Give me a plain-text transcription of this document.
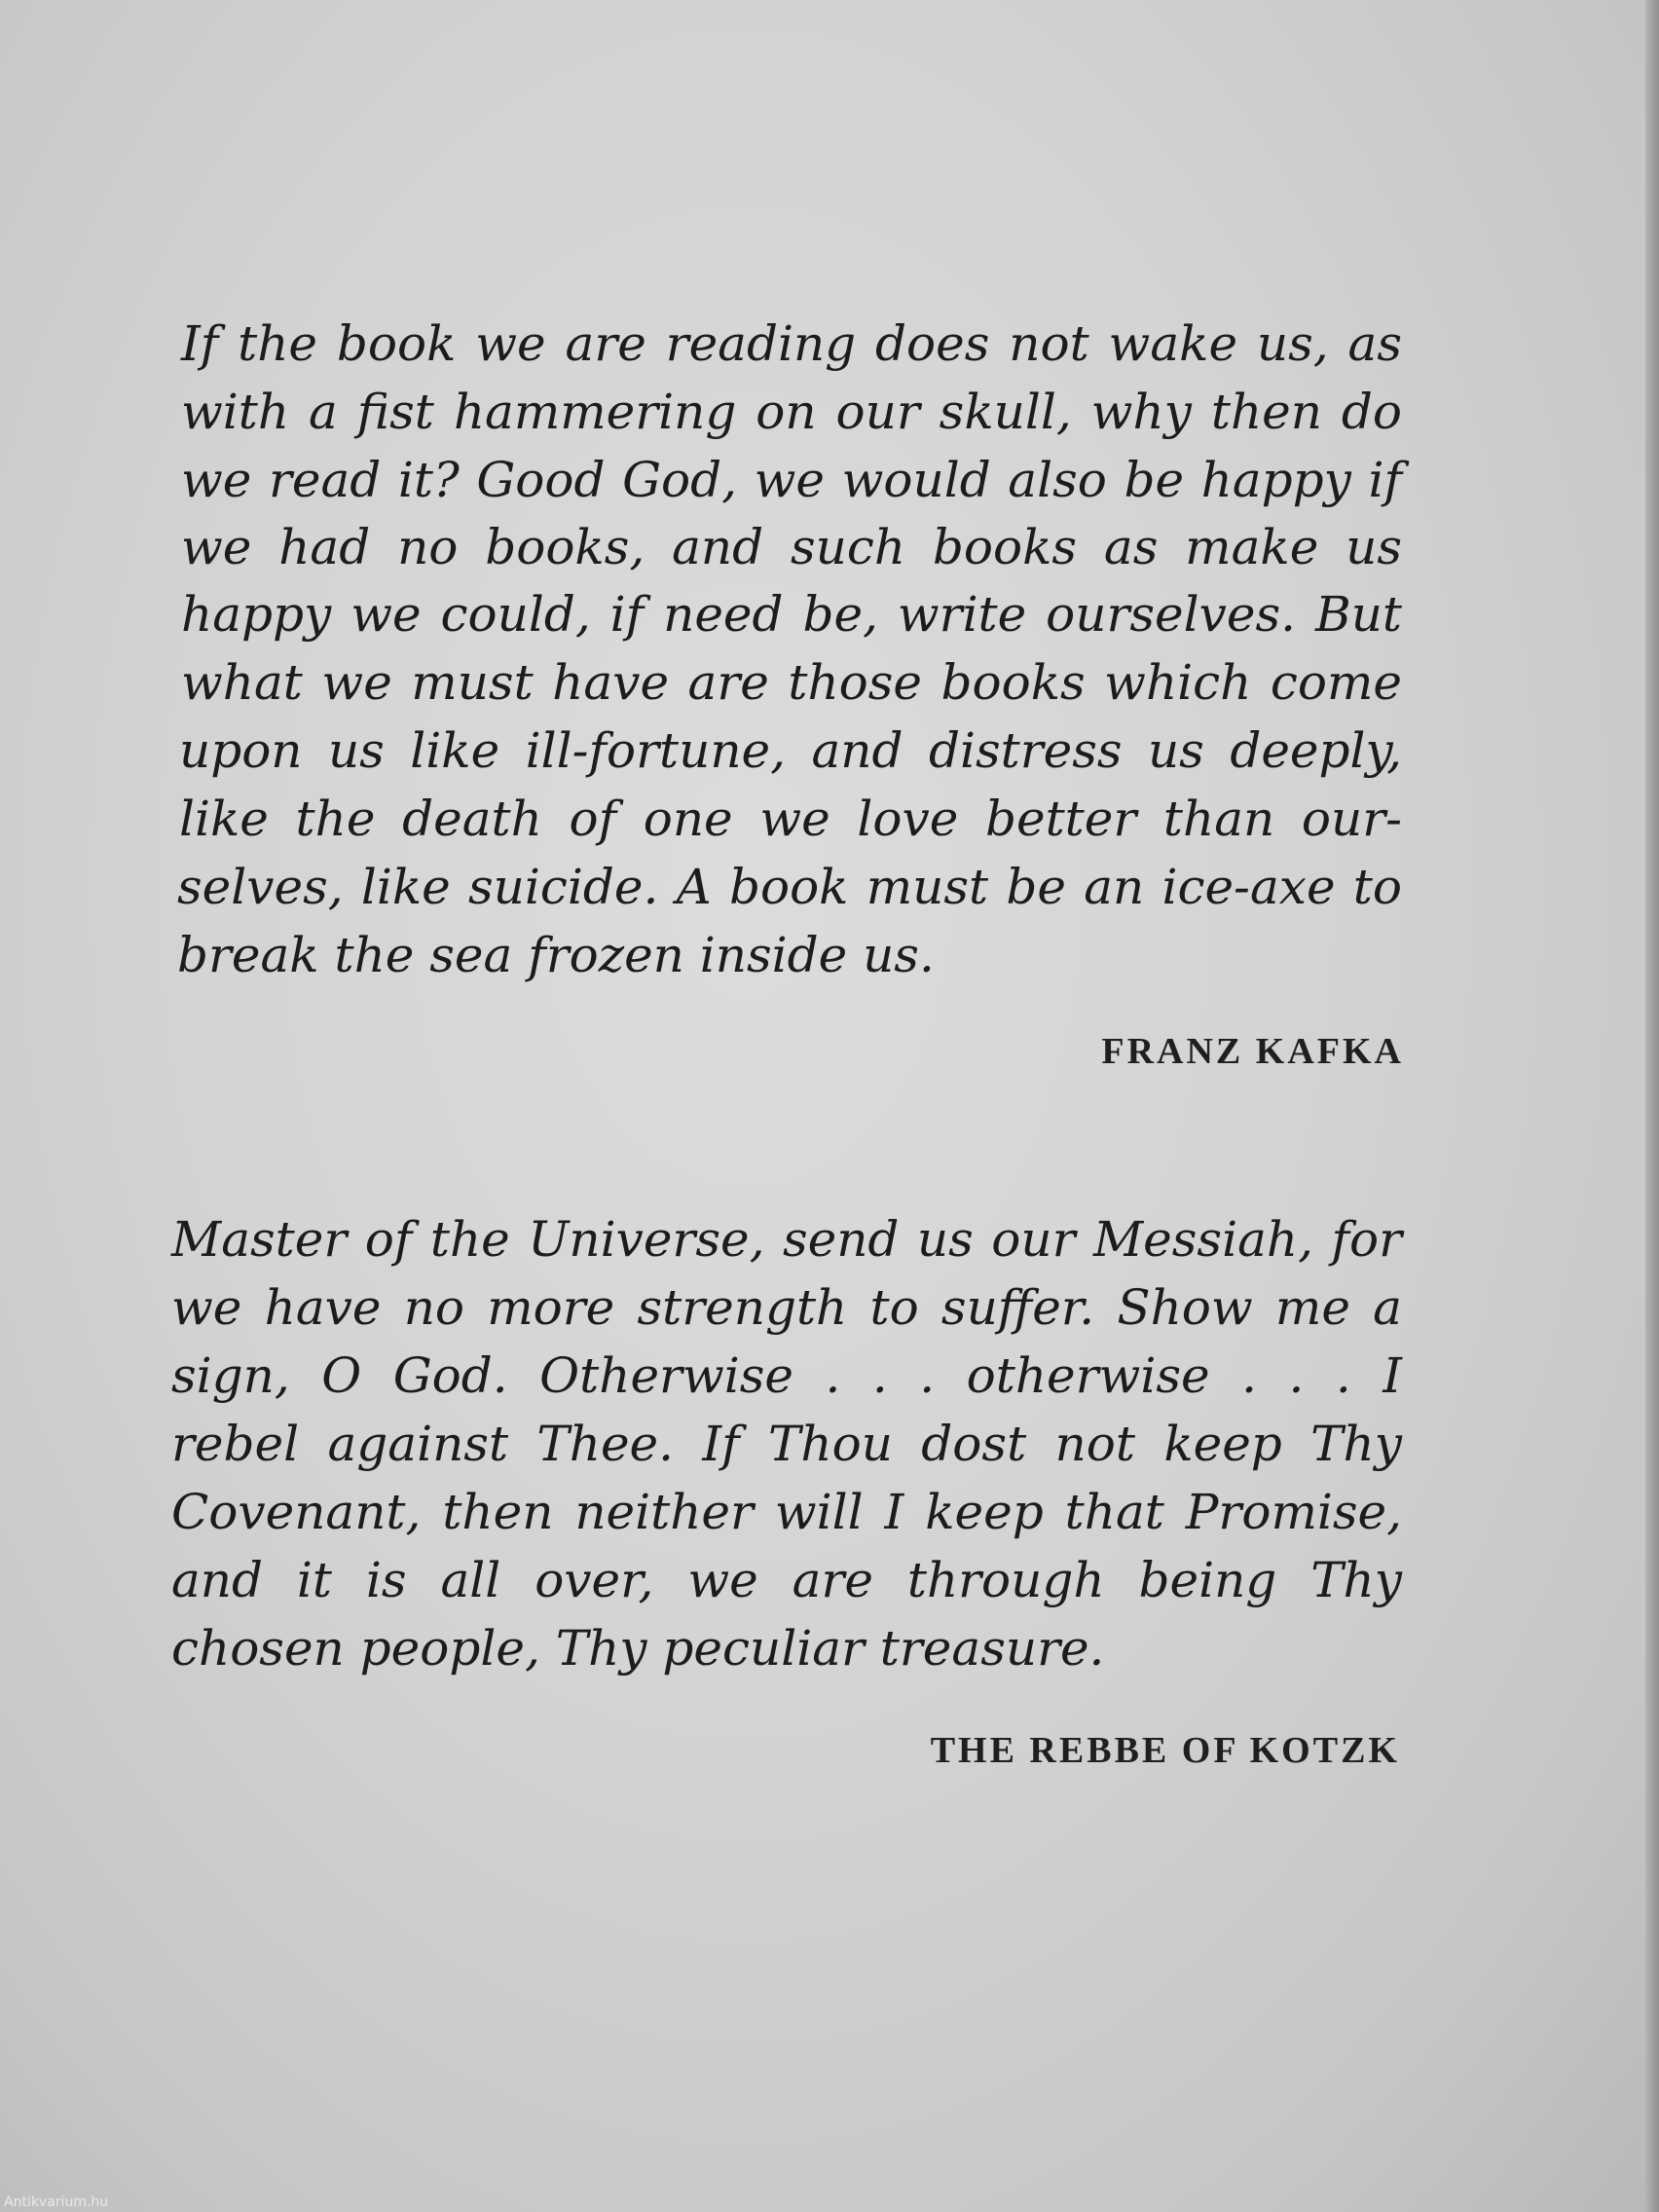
If the book we are reading does not wake us, as
with a fist hammering on our skull, why then do
we read it? Good God, we would also be happy if
we had no books, and such books as make us
happy we could, if need be, write ourselves. But
what we must have are those books which come
upon us like ill-fortune, and distress us deeply,
like the death of one we love better than our-
selves, like suicide. A book must be an ice-axe to
break the sea frozen inside us.
FRANZ KAFKA
Master of the Universe, send us our Messiah, for
we have no more strength to suffer. Show me a
sign, O God. Otherwise . . . otherwise . . . I
rebel against Thee. If Thou dost not keep Thy
Covenant, then neither will I keep that Promise,
and it is all over, we are through being Thy
chosen people, Thy peculiar treasure.
THE REBBE OF KOTZK
Antikvarium.hu
